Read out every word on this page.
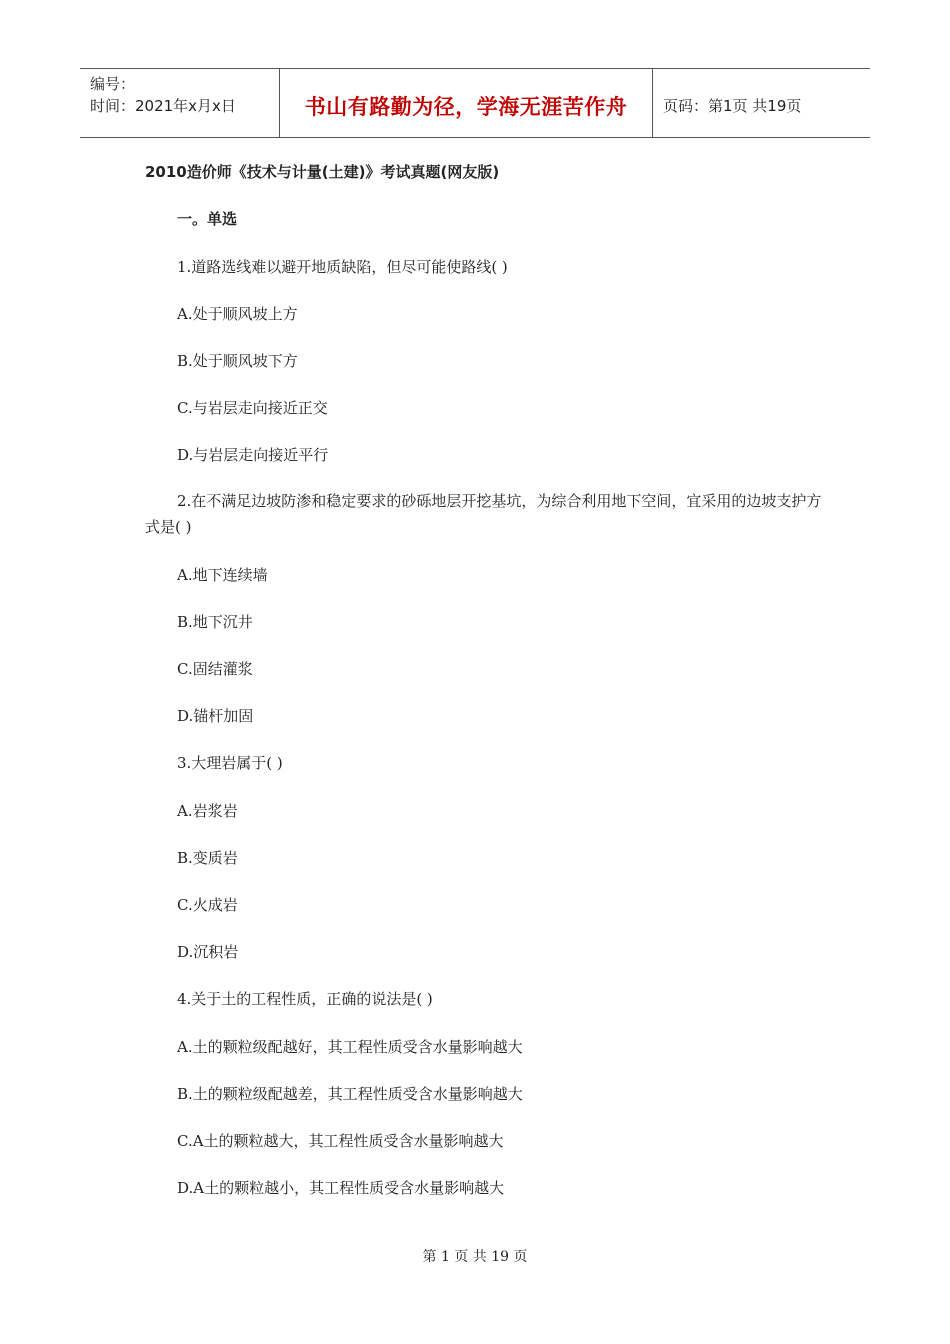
编号：
时间：2021年x月x日	书山有路勤为径，学海无涯苦作舟 页码：第1页 共19页
2010造价师《技术与计量(土建)》考试真题(网友版)
一。单选
1.道路选线难以避开地质缺陷，但尽可能使路线( )
A.处于顺风坡上方
B.处于顺风坡下方
C.与岩层走向接近正交
D.与岩层走向接近平行
2.在不满足边坡防渗和稳定要求的砂砾地层开挖基坑，为综合利用地下空间，宜采用的边坡支护方式是( )
A.地下连续墙
B.地下沉井
C.固结灌浆
D.锚杆加固
3.大理岩属于( )
A.岩浆岩
B.变质岩
C.火成岩
D.沉积岩
4.关于土的工程性质，正确的说法是( )
A.土的颗粒级配越好，其工程性质受含水量影响越大
B.土的颗粒级配越差，其工程性质受含水量影响越大
C.A土的颗粒越大，其工程性质受含水量影响越大
D.A土的颗粒越小，其工程性质受含水量影响越大
第 1 页 共 19 页
